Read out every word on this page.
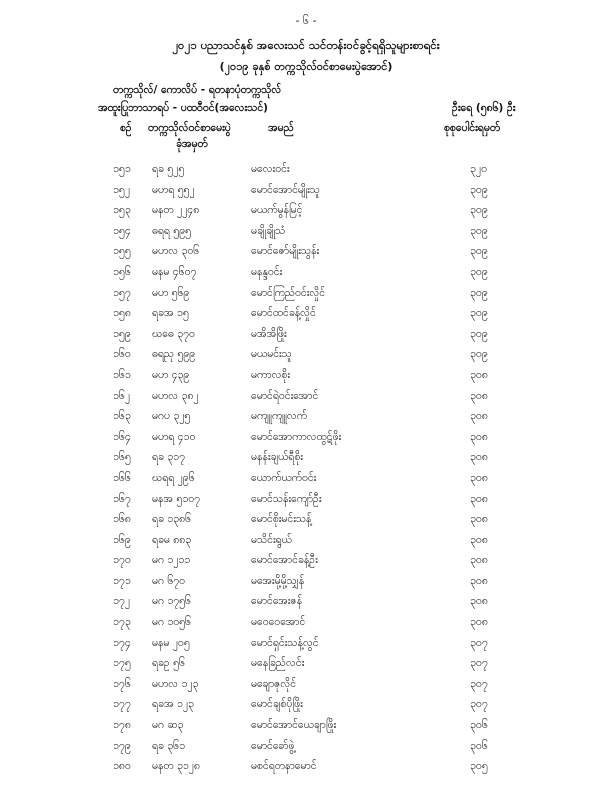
- ၆ -
၂၀၂၁ ပညာသင်နှစ် အလေးသင် သင်တန်းဝင်ခွင့်ရရှိသူများစာရင်း
(၂၀၁၉ ခုနှစ် တက္ကသိုလ်ဝင်စာမေးပွဲအောင်)
တက္ကသိုလ်/ ကောလိပ် - ရတနာပုံတက္ကသိုလ်
အထူးပြုဘာသာရပ် - ပထဝီဝင်(အလေးသင်)	ဦးရေ (၅၈၆) ဦး
စဉ် တက္ကသိုလ်ဝင်စာမေးပွဲ
ခုံအမှတ်
အမည်	စုစုပေါင်းရမှတ်
၁၅၁ ရခ ၅၂၅	မလေးဝင်း	၃၂၀
၁၅၂ မဟရ ၅၅၂	မောင်အောင်မျိုးသူ	၃၀၉
၁၅၃ မနတ ၂၂၄၈	မယက်မွန်မြင့်	၃၀၉
၁၅၄ ဓရရ ၅၉၅	မချိုချိုသံ	၃၀၉
၁၅၅ မဟလ ၃၀၆	မောင်ဇော်မျိုးသွန်း	၃၀၉
၁၅၆ မနမ ၄၆၀၇	မနန္ဒဝင်း	၃၀၉
၁၅၇ မဟ ၅၆၉	မောင်ကြည်ဝင်းလှိုင်	၃၀၉
၁၅၈ ရခအ ၁၅	မောင်ထင်ခန့်လှိုင်	၃၀၉
၁၅၉ ဃဓေ ၃၇၀	မအိအိဖြိုး	၃၀၉
၁၆၀ ဓရညု ၅၉၉	မယမင်းသူ	၃၀၉
၁၆၁ မဟ ၄၃၉	မကာလစိုး	၃၀၈
၁၆၂ မဟလ ၃၈၂	မောင်ရဲဝင်းအောင်	၃၀၈
၁၆၃ မဂပ ၃၂၅	မကျူကျူလက်	၃၀၈
၁၆၄ မဟရ ၄၁၀	မောင်အောကာလထွဋ်ဖိုး	၃၀၈
၁၆၅ ရခ ၃၁၇	မနန်းချယ်ရီစိုး	၃၀၈
၁၆၆ ဃရရ ၂၉၆	ယောက်ယက်ဝင်း	၃၀၈
၁၆၇ မနအ ၅၁၀၇	မောင်သန်းကျော်ဦး	၃၀၈
၁၆၈ ရခ ၁၃၈၆	မောင်စိုးမင်းသန့်	၃၀၈
၁၆၉ ရခမ ၈၈၃	မသိင်းရွယ်	၃၀၈
၁၇၀ မဂ ၁၂၁၁	မောင်အောင်ခန့်ဦး	၃၀၈
၁၇၁ မဂ ၆၇၀	မအေးမို့မို့သျှန်	၃၀၈
၁၇၂ မဂ ၁၇၅၆	မောင်အေးဇန်	၃၀၈
၁၇၃ မဂ ၁၀၅၆	မဝေဝေအောင်	၃၀၈
၁၇၄ မနမ ၂၀၅	မောင်ရှင်းသန့်လွင်	၃၀၇
၁၇၅ ရခဥ ၅၆	မနေခြည်လင်း	၃၀၇
၁၇၆ မဟလ ၁၂၃	မချောဇုလိုင်	၃၀၇
၁၇၇ ရခအ ၁၂၃	မောင်ချစ်ပိုဖြိုး	၃၀၇
၁၇၈ မဂ ဆ၃	မောင်အောင်ယေချာဖြိုး	၃၀၆
၁၇၉ ရခ ၃၆၁	မောင်ခော်ဖွဲ့	၃၀၆
၁၈၀ မနတ ၃၁၂၈	မစင်ရတနာမောင်	၃၀၅
